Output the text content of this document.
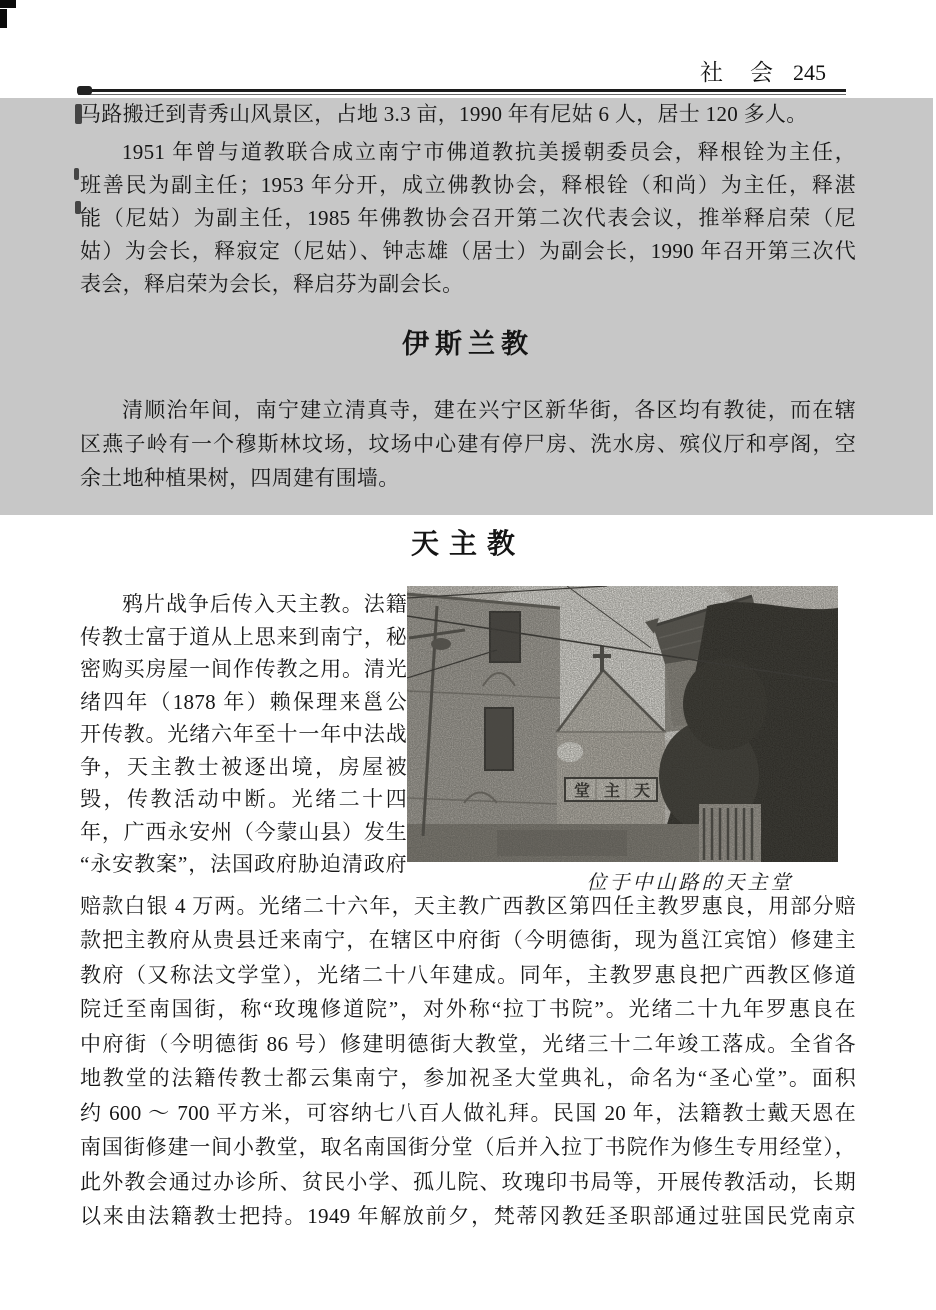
社　会 245
马路搬迁到青秀山风景区，占地 3.3 亩，1990 年有尼姑 6 人，居士 120 多人。
1951 年曾与道教联合成立南宁市佛道教抗美援朝委员会，释根铨为主任，
班善民为副主任；1953 年分开，成立佛教协会，释根铨（和尚）为主任，释湛
能（尼姑）为副主任，1985 年佛教协会召开第二次代表会议，推举释启荣（尼
姑）为会长，释寂定（尼姑）、钟志雄（居士）为副会长，1990 年召开第三次代
表会，释启荣为会长，释启芬为副会长。
伊斯兰教
清顺治年间，南宁建立清真寺，建在兴宁区新华街，各区均有教徒，而在辖
区燕子岭有一个穆斯林坟场，坟场中心建有停尸房、洗水房、殡仪厅和亭阁，空
余土地种植果树，四周建有围墙。
天主教
鸦片战争后传入天主教。法籍
传教士富于道从上思来到南宁，秘
密购买房屋一间作传教之用。清光
绪四年（1878 年）赖保理来邕公
开传教。光绪六年至十一年中法战
争，天主教士被逐出境，房屋被
毁，传教活动中断。光绪二十四
年，广西永安州（今蒙山县）发生
“永安教案”，法国政府胁迫清政府
位于中山路的天主堂
赔款白银 4 万两。光绪二十六年，天主教广西教区第四任主教罗惠良，用部分赔
款把主教府从贵县迁来南宁，在辖区中府街（今明德街，现为邕江宾馆）修建主
教府（又称法文学堂），光绪二十八年建成。同年，主教罗惠良把广西教区修道
院迁至南国街，称“玫瑰修道院”，对外称“拉丁书院”。光绪二十九年罗惠良在
中府街（今明德街 86 号）修建明德街大教堂，光绪三十二年竣工落成。全省各
地教堂的法籍传教士都云集南宁，参加祝圣大堂典礼，命名为“圣心堂”。面积
约 600 ～ 700 平方米，可容纳七八百人做礼拜。民国 20 年，法籍教士戴天恩在
南国街修建一间小教堂，取名南国街分堂（后并入拉丁书院作为修生专用经堂），
此外教会通过办诊所、贫民小学、孤儿院、玫瑰印书局等，开展传教活动，长期
以来由法籍教士把持。1949 年解放前夕，梵蒂冈教廷圣职部通过驻国民党南京
